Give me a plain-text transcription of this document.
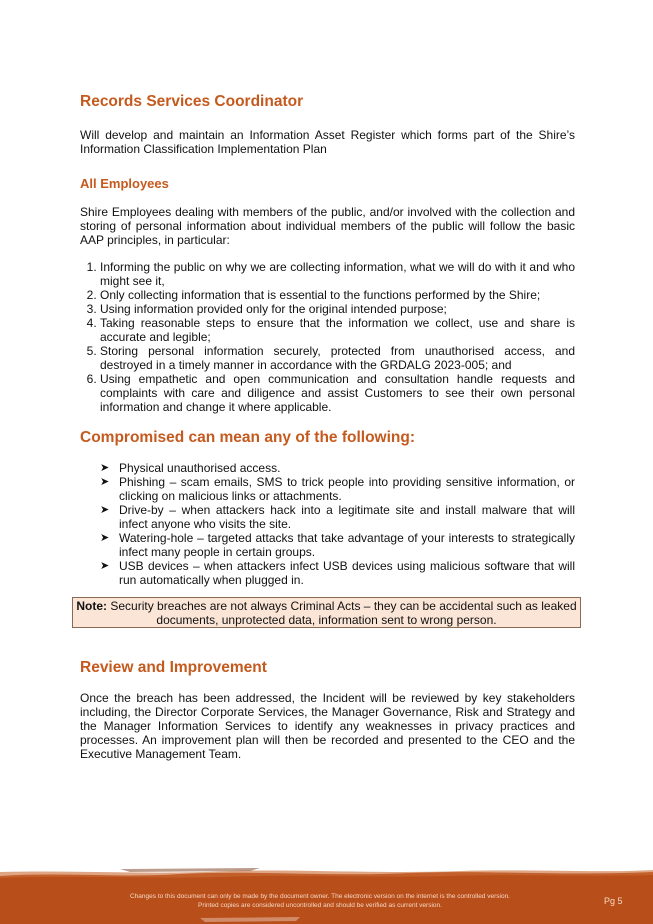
Records Services Coordinator

Will develop and maintain an Information Asset Register which forms part of the Shire’s Information Classification Implementation Plan

All Employees

Shire Employees dealing with members of the public, and/or involved with the collection and storing of personal information about individual members of the public will follow the basic AAP principles, in particular:

1. Informing the public on why we are collecting information, what we will do with it and who might see it,
2. Only collecting information that is essential to the functions performed by the Shire;
3. Using information provided only for the original intended purpose;
4. Taking reasonable steps to ensure that the information we collect, use and share is accurate and legible;
5. Storing personal information securely, protected from unauthorised access, and destroyed in a timely manner in accordance with the GRDALG 2023-005; and
6. Using empathetic and open communication and consultation handle requests and complaints with care and diligence and assist Customers to see their own personal information and change it where applicable.
Compromised can mean any of the following:
➤ Physical unauthorised access.
➤ Phishing – scam emails, SMS to trick people into providing sensitive information, or clicking on malicious links or attachments.
➤ Drive-by – when attackers hack into a legitimate site and install malware that will infect anyone who visits the site.
➤ Watering-hole – targeted attacks that take advantage of your interests to strategically infect many people in certain groups.
➤ USB devices – when attackers infect USB devices using malicious software that will run automatically when plugged in.
Note: Security breaches are not always Criminal Acts – they can be accidental such as leaked documents, unprotected data, information sent to wrong person.
Review and Improvement

Once the breach has been addressed, the Incident will be reviewed by key stakeholders including, the Director Corporate Services, the Manager Governance, Risk and Strategy and the Manager Information Services to identify any weaknesses in privacy practices and processes. An improvement plan will then be recorded and presented to the CEO and the Executive Management Team.

Changes to this document can only be made by the document owner. The electronic version on the internet is the controlled version.
Printed copies are considered uncontrolled and should be verified as current version.	Pg 5
